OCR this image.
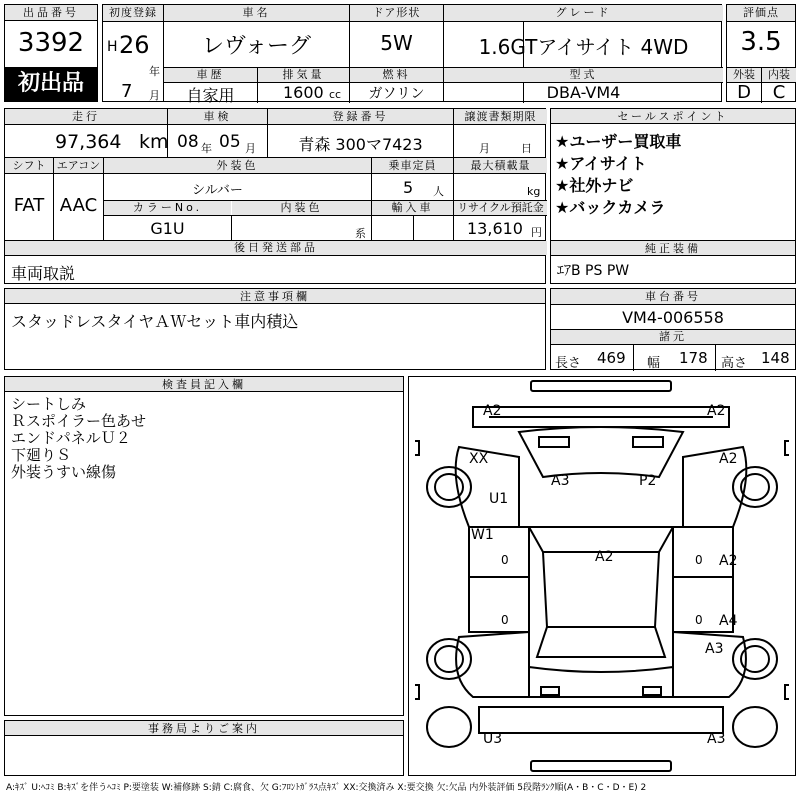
出品番号
3392
初出品
初度登録
H 26
年
7 月
車名
レヴォーグ
ドア形状
5W
グレード
1.6GTアイサイト 4WD
車歴
自家用
排気量
1600 cc
燃料
ガソリン
型式
DBA-VM4
評価点
3.5
外装	内装
D	C
走行
97,364 km
車検
08 年 05 月
登録番号
青森 300マ7423
譲渡書類期限
月	日
シフト
FAT
エアコン
AAC
外装色
シルバー
乗車定員
5 人
最大積載量
kg
カラーNo.
G1U
内装色
系
輸入車	リサイクル預託金
13,610 円
後日発送部品
車両取説
セールスポイント
★ユーザー買取車
★アイサイト
★社外ナビ
★バックカメラ
純正装備
ｴｱB PS PW
注意事項欄
スタッドレスタイヤＡＷセット車内積込
車台番号
VM4-006558
諸元
長さ 469 幅 178 高さ 148
検査員記入欄
シートしみ
Ｒスポイラー色あせ
エンドパネルＵ２
下廻りＳ
外装うすい線傷
事務局よりご案内
A2	A2
XX
A3	P2
U1
A2
W1
A2	A2
A4
A3
U3	A3
0
0
0
0
A:ｷｽﾞ U:ﾍｺﾐ B:ｷｽﾞを伴うﾍｺﾐ P:要塗装 W:補修跡 S:錆 C:腐食、欠 G:ﾌﾛﾝﾄｶﾞﾗｽ点ｷｽﾞ XX:交換済み X:要交換 欠:欠品 内外装評価 5段階ﾗﾝｸ順(A・B・C・D・E) 2
